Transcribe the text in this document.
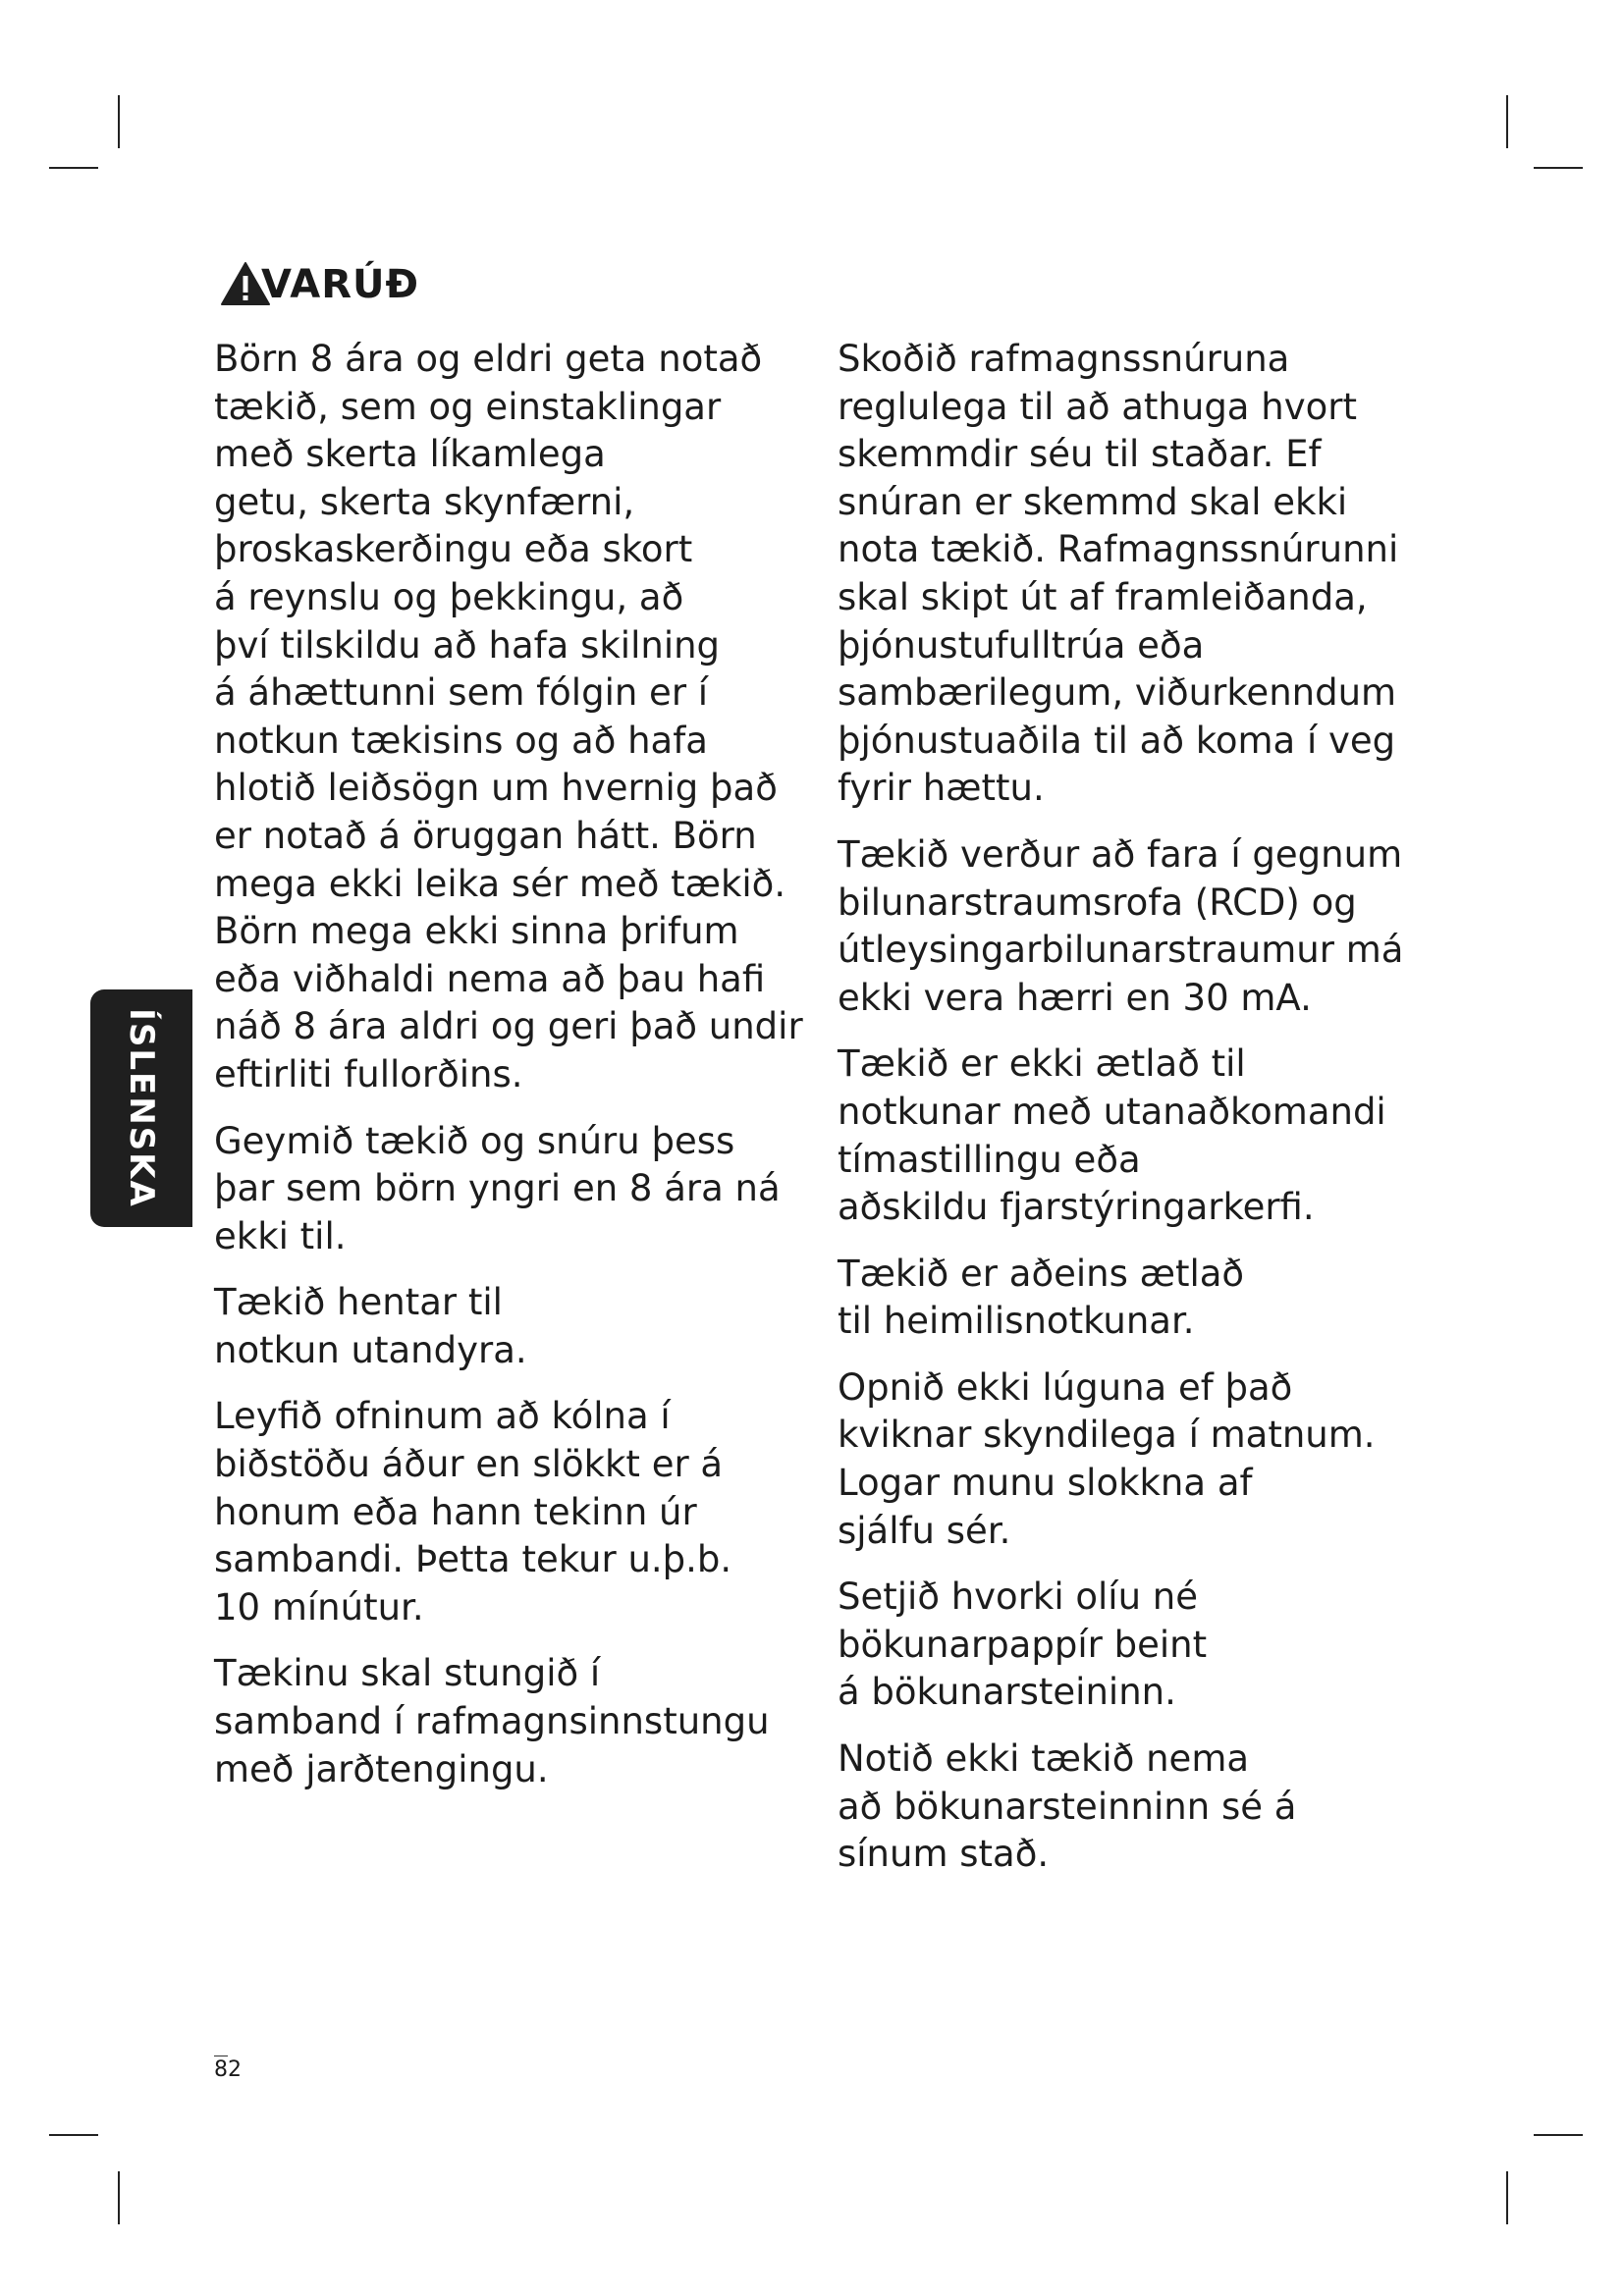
VARÚÐ
ÍSLENSKA
Börn 8 ára og eldri geta notað
tækið, sem og einstaklingar
með skerta líkamlega
getu, skerta skynfærni,
þroskaskerðingu eða skort
á reynslu og þekkingu, að
því tilskildu að hafa skilning
á áhættunni sem fólgin er í
notkun tækisins og að hafa
hlotið leiðsögn um hvernig það
er notað á öruggan hátt. Börn
mega ekki leika sér með tækið.
Börn mega ekki sinna þrifum
eða viðhaldi nema að þau hafi
náð 8 ára aldri og geri það undir
eftirliti fullorðins.
Geymið tækið og snúru þess
þar sem börn yngri en 8 ára ná
ekki til.
Tækið hentar til
notkun utandyra.
Leyfið ofninum að kólna í
biðstöðu áður en slökkt er á
honum eða hann tekinn úr
sambandi. Þetta tekur u.þ.b.
10 mínútur.
Tækinu skal stungið í
samband í rafmagnsinnstungu
með jarðtengingu.
Skoðið rafmagnssnúruna
reglulega til að athuga hvort
skemmdir séu til staðar. Ef
snúran er skemmd skal ekki
nota tækið. Rafmagnssnúrunni
skal skipt út af framleiðanda,
þjónustufulltrúa eða
sambærilegum, viðurkenndum
þjónustuaðila til að koma í veg
fyrir hættu.
Tækið verður að fara í gegnum
bilunarstraumsrofa (RCD) og
útleysingarbilunarstraumur má
ekki vera hærri en 30 mA.
Tækið er ekki ætlað til
notkunar með utanaðkomandi
tímastillingu eða
aðskildu fjarstýringarkerfi.
Tækið er aðeins ætlað
til heimilisnotkunar.
Opnið ekki lúguna ef það
kviknar skyndilega í matnum.
Logar munu slokkna af
sjálfu sér.
Setjið hvorki olíu né
bökunarpappír beint
á bökunarsteininn.
Notið ekki tækið nema
að bökunarsteinninn sé á
sínum stað.
82
